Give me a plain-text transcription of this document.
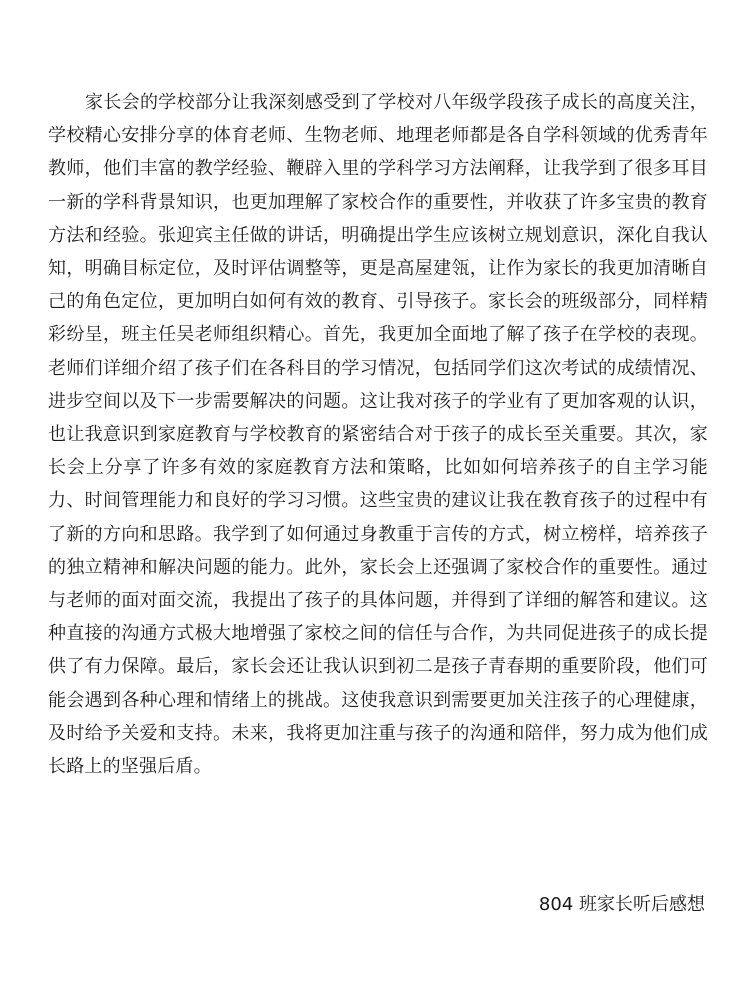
家长会的学校部分让我深刻感受到了学校对八年级学段孩子成长的高度关注，学校精心安排分享的体育老师、生物老师、地理老师都是各自学科领域的优秀青年教师，他们丰富的教学经验、鞭辟入里的学科学习方法阐释，让我学到了很多耳目一新的学科背景知识，也更加理解了家校合作的重要性，并收获了许多宝贵的教育方法和经验。张迎宾主任做的讲话，明确提出学生应该树立规划意识，深化自我认知，明确目标定位，及时评估调整等，更是高屋建瓴，让作为家长的我更加清晰自己的角色定位，更加明白如何有效的教育、引导孩子。家长会的班级部分，同样精彩纷呈，班主任吴老师组织精心。首先，我更加全面地了解了孩子在学校的表现。老师们详细介绍了孩子们在各科目的学习情况，包括同学们这次考试的成绩情况、进步空间以及下一步需要解决的问题。这让我对孩子的学业有了更加客观的认识，也让我意识到家庭教育与学校教育的紧密结合对于孩子的成长至关重要。其次，家长会上分享了许多有效的家庭教育方法和策略，比如如何培养孩子的自主学习能力、时间管理能力和良好的学习习惯。这些宝贵的建议让我在教育孩子的过程中有了新的方向和思路。我学到了如何通过身教重于言传的方式，树立榜样，培养孩子的独立精神和解决问题的能力。此外，家长会上还强调了家校合作的重要性。通过与老师的面对面交流，我提出了孩子的具体问题，并得到了详细的解答和建议。这种直接的沟通方式极大地增强了家校之间的信任与合作，为共同促进孩子的成长提供了有力保障。最后，家长会还让我认识到初二是孩子青春期的重要阶段，他们可能会遇到各种心理和情绪上的挑战。这使我意识到需要更加关注孩子的心理健康，及时给予关爱和支持。未来，我将更加注重与孩子的沟通和陪伴，努力成为他们成长路上的坚强后盾。

804 班家长听后感想
